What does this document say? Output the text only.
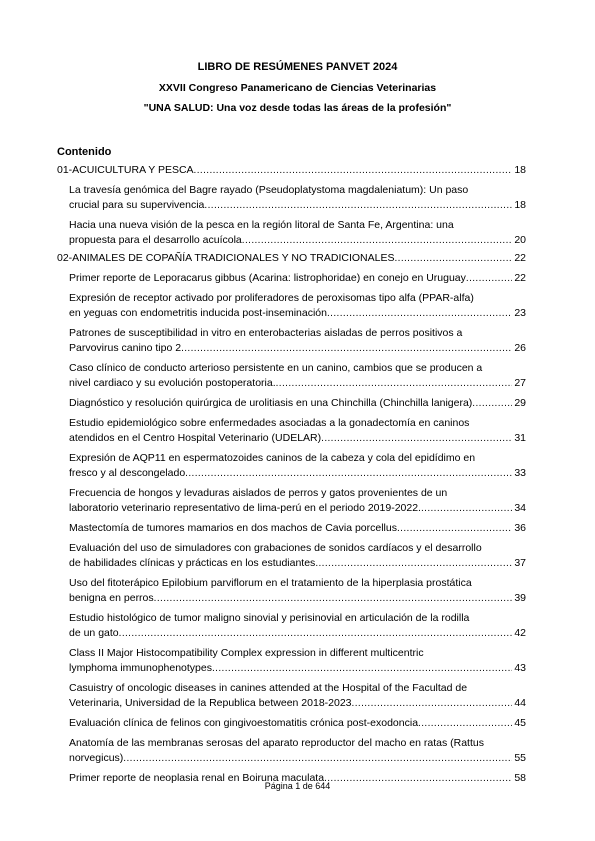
LIBRO DE RESÚMENES PANVET 2024
XXVII Congreso Panamericano de Ciencias Veterinarias
"UNA SALUD: Una voz desde todas las áreas de la profesión"
Contenido
01-ACUICULTURA Y PESCA .....	18
La travesía genómica del Bagre rayado (Pseudoplatystoma magdaleniatum): Un paso
crucial para su supervivencia .....	18
Hacia una nueva visión de la pesca en la región litoral de Santa Fe, Argentina: una
propuesta para el desarrollo acuícola .....	20
02-ANIMALES DE COPAÑÍA TRADICIONALES Y NO TRADICIONALES .....	22
Primer reporte de Leporacarus gibbus (Acarina: listrophoridae) en conejo en Uruguay .....	22
Expresión de receptor activado por proliferadores de peroxisomas tipo alfa (PPAR-alfa)
en yeguas con endometritis inducida post-inseminación .....	23
Patrones de susceptibilidad in vitro en enterobacterias aisladas de perros positivos a
Parvovirus canino tipo 2 .....	26
Caso clínico de conducto arterioso persistente en un canino, cambios que se producen a
nivel cardiaco y su evolución postoperatoria. .....	27
Diagnóstico y resolución quirúrgica de urolitiasis en una Chinchilla (Chinchilla lanigera) .....	29
Estudio epidemiológico sobre enfermedades asociadas a la gonadectomía en caninos
atendidos en el Centro Hospital Veterinario (UDELAR) .....	31
Expresión de AQP11 en espermatozoides caninos de la cabeza y cola del epidídimo en
fresco y al descongelado .....	33
Frecuencia de hongos y levaduras aislados de perros y gatos provenientes de un
laboratorio veterinario representativo de lima-perú en el periodo 2019-2022. .....	34
Mastectomía de tumores mamarios en dos machos de Cavia porcellus .....	36
Evaluación del uso de simuladores con grabaciones de sonidos cardíacos y el desarrollo
de habilidades clínicas y prácticas en los estudiantes .....	37
Uso del fitoterápico Epilobium parviflorum en el tratamiento de la hiperplasia prostática
benigna en perros .....	39
Estudio histológico de tumor maligno sinovial y perisinovial en articulación de la rodilla
de un gato .....	42
Class II Major Histocompatibility Complex expression in different multicentric
lymphoma immunophenotypes .....	43
Casuistry of oncologic diseases in canines attended at the Hospital of the Facultad de
Veterinaria, Universidad de la Republica between 2018-2023 .....	44
Evaluación clínica de felinos con gingivoestomatitis crónica post-exodoncia .....	45
Anatomía de las membranas serosas del aparato reproductor del macho en ratas (Rattus
norvegicus) .....	55
Primer reporte de neoplasia renal en Boiruna maculata .....	58
Página 1 de 644
